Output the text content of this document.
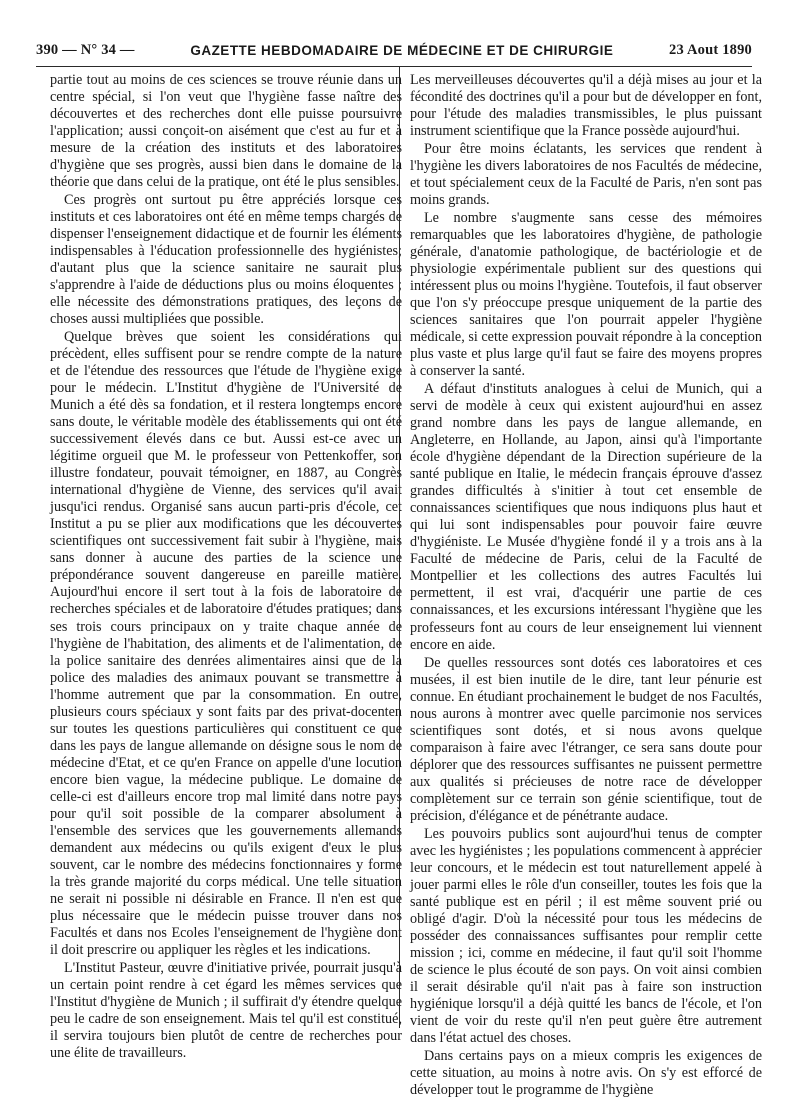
390 — N° 34 —	GAZETTE HEBDOMADAIRE DE MÉDECINE ET DE CHIRURGIE	23 Aout 1890

partie tout au moins de ces sciences se trouve réunie dans un centre spécial, si l'on veut que l'hygiène fasse naître des découvertes et des recherches dont elle puisse poursuivre l'application; aussi conçoit-on aisément que c'est au fur et à mesure de la création des instituts et des laboratoires d'hygiène que ses progrès, aussi bien dans le domaine de la théorie que dans celui de la pratique, ont été le plus sensibles.

Ces progrès ont surtout pu être appréciés lorsque ces instituts et ces laboratoires ont été en même temps chargés de dispenser l'enseignement didactique et de fournir les éléments indispensables à l'éducation professionnelle des hygiénistes; d'autant plus que la science sanitaire ne saurait plus s'apprendre à l'aide de déductions plus ou moins éloquentes ; elle nécessite des démonstrations pratiques, des leçons de choses aussi multipliées que possible.

Quelque brèves que soient les considérations qui précèdent, elles suffisent pour se rendre compte de la nature et de l'étendue des ressources que l'étude de l'hygiène exige pour le médecin. L'Institut d'hygiène de l'Université de Munich a été dès sa fondation, et il restera longtemps encore sans doute, le véritable modèle des établissements qui ont été successivement élevés dans ce but. Aussi est-ce avec un légitime orgueil que M. le professeur von Pettenkoffer, son illustre fondateur, pouvait témoigner, en 1887, au Congrès international d'hygiène de Vienne, des services qu'il avait jusqu'ici rendus. Organisé sans aucun parti-pris d'école, cet Institut a pu se plier aux modifications que les découvertes scientifiques ont successivement fait subir à l'hygiène, mais sans donner à aucune des parties de la science une prépondérance souvent dangereuse en pareille matière. Aujourd'hui encore il sert tout à la fois de laboratoire de recherches spéciales et de laboratoire d'études pratiques; dans ses trois cours principaux on y traite chaque année de l'hygiène de l'habitation, des aliments et de l'alimentation, de la police sanitaire des denrées alimentaires ainsi que de la police des maladies des animaux pouvant se transmettre à l'homme autrement que par la consommation. En outre, plusieurs cours spéciaux y sont faits par des privat-docenten sur toutes les questions particulières qui constituent ce que dans les pays de langue allemande on désigne sous le nom de médecine d'Etat, et ce qu'en France on appelle d'une locution encore bien vague, la médecine publique. Le domaine de celle-ci est d'ailleurs encore trop mal limité dans notre pays pour qu'il soit possible de la comparer absolument à l'ensemble des services que les gouvernements allemands demandent aux médecins ou qu'ils exigent d'eux le plus souvent, car le nombre des médecins fonctionnaires y forme la très grande majorité du corps médical. Une telle situation ne serait ni possible ni désirable en France. Il n'en est que plus nécessaire que le médecin puisse trouver dans nos Facultés et dans nos Ecoles l'enseignement de l'hygiène dont il doit prescrire ou appliquer les règles et les indications.

L'Institut Pasteur, œuvre d'initiative privée, pourrait jusqu'à un certain point rendre à cet égard les mêmes services que l'Institut d'hygiène de Munich ; il suffirait d'y étendre quelque peu le cadre de son enseignement. Mais tel qu'il est constitué, il servira toujours bien plutôt de centre de recherches pour une élite de travailleurs.

Les merveilleuses découvertes qu'il a déjà mises au jour et la fécondité des doctrines qu'il a pour but de développer en font, pour l'étude des maladies transmissibles, le plus puissant instrument scientifique que la France possède aujourd'hui.

Pour être moins éclatants, les services que rendent à l'hygiène les divers laboratoires de nos Facultés de médecine, et tout spécialement ceux de la Faculté de Paris, n'en sont pas moins grands.

Le nombre s'augmente sans cesse des mémoires remarquables que les laboratoires d'hygiène, de pathologie générale, d'anatomie pathologique, de bactériologie et de physiologie expérimentale publient sur des questions qui intéressent plus ou moins l'hygiène. Toutefois, il faut observer que l'on s'y préoccupe presque uniquement de la partie des sciences sanitaires que l'on pourrait appeler l'hygiène médicale, si cette expression pouvait répondre à la conception plus vaste et plus large qu'il faut se faire des moyens propres à conserver la santé.

A défaut d'instituts analogues à celui de Munich, qui a servi de modèle à ceux qui existent aujourd'hui en assez grand nombre dans les pays de langue allemande, en Angleterre, en Hollande, au Japon, ainsi qu'à l'importante école d'hygiène dépendant de la Direction supérieure de la santé publique en Italie, le médecin français éprouve d'assez grandes difficultés à s'initier à tout cet ensemble de connaissances scientifiques que nous indiquons plus haut et qui lui sont indispensables pour pouvoir faire œuvre d'hygiéniste. Le Musée d'hygiène fondé il y a trois ans à la Faculté de médecine de Paris, celui de la Faculté de Montpellier et les collections des autres Facultés lui permettent, il est vrai, d'acquérir une partie de ces connaissances, et les excursions intéressant l'hygiène que les professeurs font au cours de leur enseignement lui viennent encore en aide.

De quelles ressources sont dotés ces laboratoires et ces musées, il est bien inutile de le dire, tant leur pénurie est connue. En étudiant prochainement le budget de nos Facultés, nous aurons à montrer avec quelle parcimonie nos services scientifiques sont dotés, et si nous avons quelque comparaison à faire avec l'étranger, ce sera sans doute pour déplorer que des ressources suffisantes ne puissent permettre aux qualités si précieuses de notre race de développer complètement sur ce terrain son génie scientifique, tout de précision, d'élégance et de pénétrante audace.

Les pouvoirs publics sont aujourd'hui tenus de compter avec les hygiénistes ; les populations commencent à apprécier leur concours, et le médecin est tout naturellement appelé à jouer parmi elles le rôle d'un conseiller, toutes les fois que la santé publique est en péril ; il est même souvent prié ou obligé d'agir. D'où la nécessité pour tous les médecins de posséder des connaissances suffisantes pour remplir cette mission ; ici, comme en médecine, il faut qu'il soit l'homme de science le plus écouté de son pays. On voit ainsi combien il serait désirable qu'il n'ait pas à faire son instruction hygiénique lorsqu'il a déjà quitté les bancs de l'école, et l'on vient de voir du reste qu'il n'en peut guère être autrement dans l'état actuel des choses.

Dans certains pays on a mieux compris les exigences de cette situation, au moins à notre avis. On s'y est efforcé de développer tout le programme de l'hygiène
